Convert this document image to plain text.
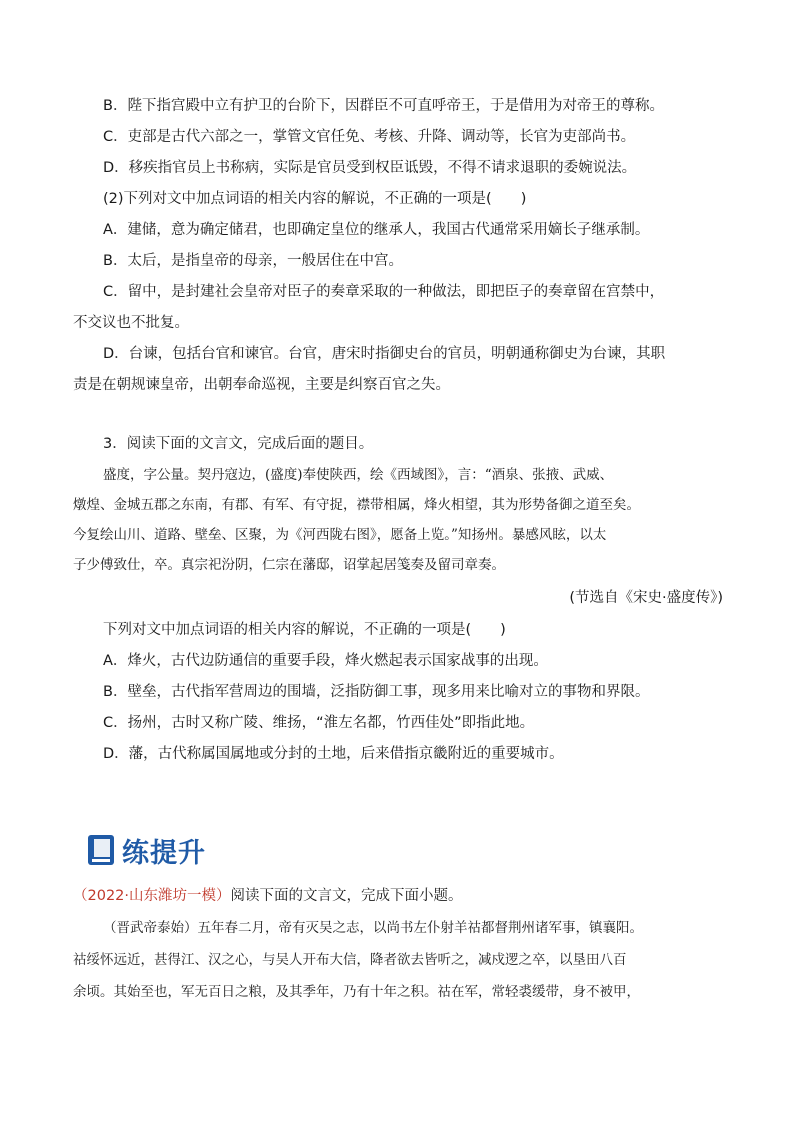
B．陛下指宫殿中立有护卫的台阶下，因群臣不可直呼帝王，于是借用为对帝王的尊称。

C．吏部是古代六部之一，掌管文官任免、考核、升降、调动等，长官为吏部尚书。

D．移疾指官员上书称病，实际是官员受到权臣诋毁，不得不请求退职的委婉说法。

(2)下列对文中加点词语的相关内容的解说，不正确的一项是(　　)

A．建储，意为确定储君，也即确定皇位的继承人，我国古代通常采用嫡长子继承制。

B．太后，是指皇帝的母亲，一般居住在中宫。

C．留中，是封建社会皇帝对臣子的奏章采取的一种做法，即把臣子的奏章留在宫禁中，

不交议也不批复。

D．台谏，包括台官和谏官。台官，唐宋时指御史台的官员，明朝通称御史为台谏，其职

责是在朝规谏皇帝，出朝奉命巡视，主要是纠察百官之失。

3．阅读下面的文言文，完成后面的题目。

盛度，字公量。契丹寇边，(盛度)奉使陕西，绘《西域图》，言：“酒泉、张掖、武威、

燉煌、金城五郡之东南，有郡、有军、有守捉，襟带相属，烽火相望，其为形势备御之道至矣。

今复绘山川、道路、壁垒、区聚，为《河西陇右图》，愿备上览。”知扬州。暴感风眩，以太

子少傅致仕，卒。真宗祀汾阴，仁宗在藩邸，诏掌起居笺奏及留司章奏。

(节选自《宋史·盛度传》)

下列对文中加点词语的相关内容的解说，不正确的一项是(　　)

A．烽火，古代边防通信的重要手段，烽火燃起表示国家战事的出现。

B．壁垒，古代指军营周边的围墙，泛指防御工事，现多用来比喻对立的事物和界限。

C．扬州，古时又称广陵、维扬，“淮左名都，竹西佳处”即指此地。

D．藩，古代称属国属地或分封的土地，后来借指京畿附近的重要城市。

练提升

（2022·山东潍坊一模）阅读下面的文言文，完成下面小题。

（晋武帝泰始）五年春二月，帝有灭吴之志，以尚书左仆射羊祜都督荆州诸军事，镇襄阳。

祜绥怀远近，甚得江、汉之心，与吴人开布大信，降者欲去皆听之，减戍逻之卒，以垦田八百

余顷。其始至也，军无百日之粮，及其季年，乃有十年之积。祜在军，常轻裘缓带，身不被甲，
